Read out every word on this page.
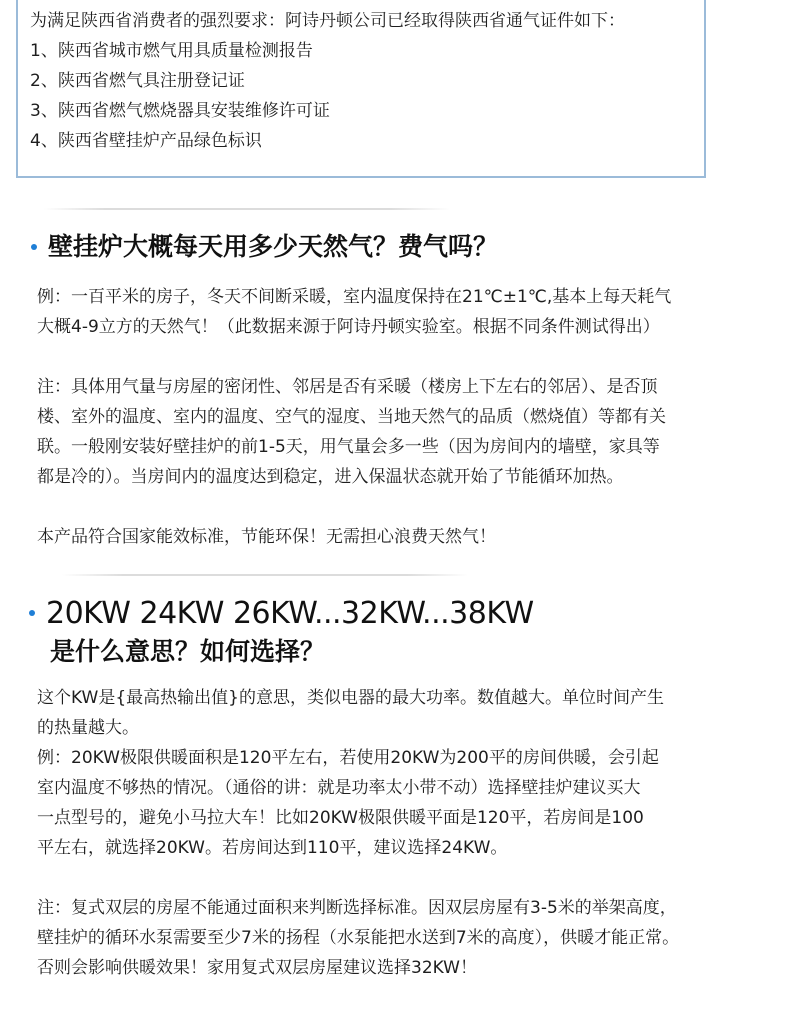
为满足陕西省消费者的强烈要求：阿诗丹顿公司已经取得陕西省通气证件如下：
1、陕西省城市燃气用具质量检测报告
2、陕西省燃气具注册登记证
3、陕西省燃气燃烧器具安装维修许可证
4、陕西省壁挂炉产品绿色标识
壁挂炉大概每天用多少天然气？费气吗？
例：一百平米的房子，冬天不间断采暖，室内温度保持在21℃±1℃,基本上每天耗气
大概4-9立方的天然气！（此数据来源于阿诗丹顿实验室。根据不同条件测试得出）
注：具体用气量与房屋的密闭性、邻居是否有采暖（楼房上下左右的邻居）、是否顶
楼、室外的温度、室内的温度、空气的湿度、当地天然气的品质（燃烧值）等都有关
联。一般刚安装好壁挂炉的前1-5天，用气量会多一些（因为房间内的墙壁，家具等
都是冷的）。当房间内的温度达到稳定，进入保温状态就开始了节能循环加热。
本产品符合国家能效标准，节能环保！无需担心浪费天然气！
20KW 24KW 26KW...32KW...38KW
是什么意思？如何选择？
这个KW是{最高热输出值}的意思，类似电器的最大功率。数值越大。单位时间产生
的热量越大。
例：20KW极限供暖面积是120平左右，若使用20KW为200平的房间供暖，会引起
室内温度不够热的情况。（通俗的讲：就是功率太小带不动）选择壁挂炉建议买大
一点型号的，避免小马拉大车！比如20KW极限供暖平面是120平，若房间是100
平左右，就选择20KW。若房间达到110平，建议选择24KW。
注：复式双层的房屋不能通过面积来判断选择标准。因双层房屋有3-5米的举架高度，
壁挂炉的循环水泵需要至少7米的扬程（水泵能把水送到7米的高度），供暖才能正常。
否则会影响供暖效果！家用复式双层房屋建议选择32KW！
